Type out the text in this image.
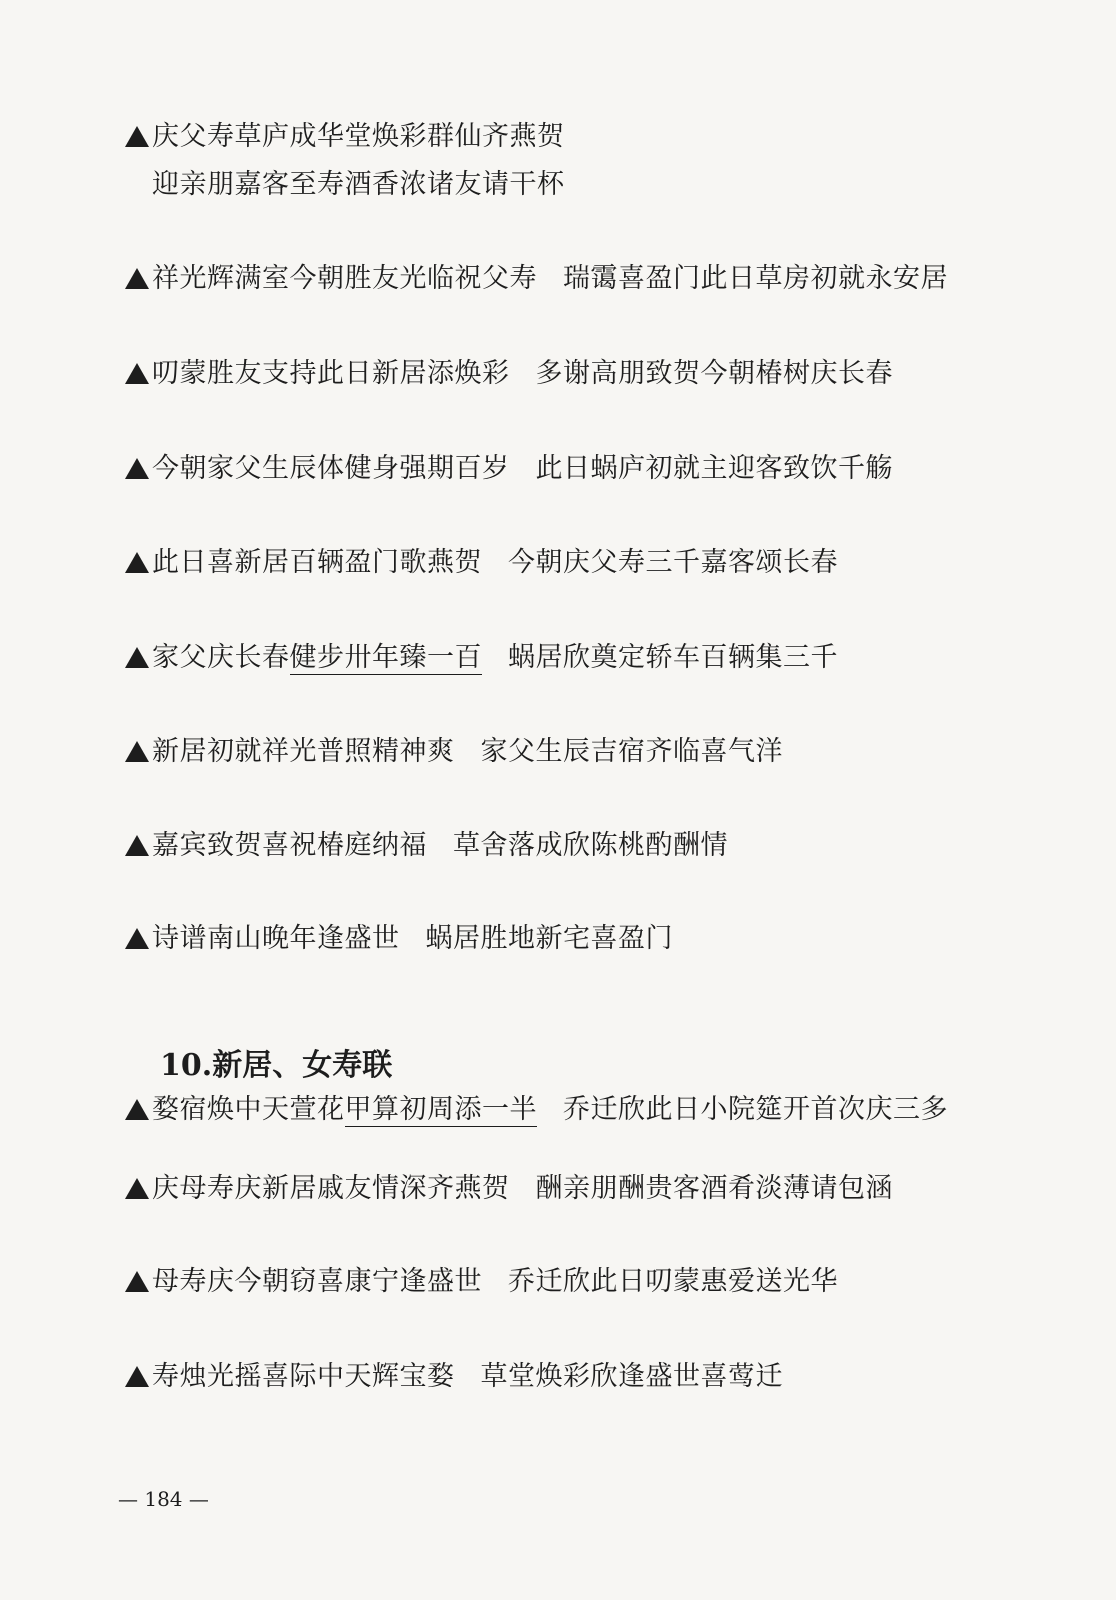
庆父寿草庐成华堂焕彩群仙齐燕贺
迎亲朋嘉客至寿酒香浓诸友请干杯
祥光辉满室今朝胜友光临祝父寿 瑞霭喜盈门此日草房初就永安居
叨蒙胜友支持此日新居添焕彩 多谢高朋致贺今朝椿树庆长春
今朝家父生辰体健身强期百岁 此日蜗庐初就主迎客致饮千觞
此日喜新居百辆盈门歌燕贺 今朝庆父寿三千嘉客颂长春
家父庆长春健步卅年臻一百 蜗居欣奠定轿车百辆集三千
新居初就祥光普照精神爽 家父生辰吉宿齐临喜气洋
嘉宾致贺喜祝椿庭纳福 草舍落成欣陈桃酌酬情
诗谱南山晚年逢盛世 蜗居胜地新宅喜盈门
10.新居、女寿联
婺宿焕中天萱花甲算初周添一半 乔迁欣此日小院筵开首次庆三多
庆母寿庆新居戚友情深齐燕贺 酬亲朋酬贵客酒肴淡薄请包涵
母寿庆今朝窃喜康宁逢盛世 乔迁欣此日叨蒙惠爱送光华
寿烛光摇喜际中天辉宝婺 草堂焕彩欣逢盛世喜莺迁
— 184 —
